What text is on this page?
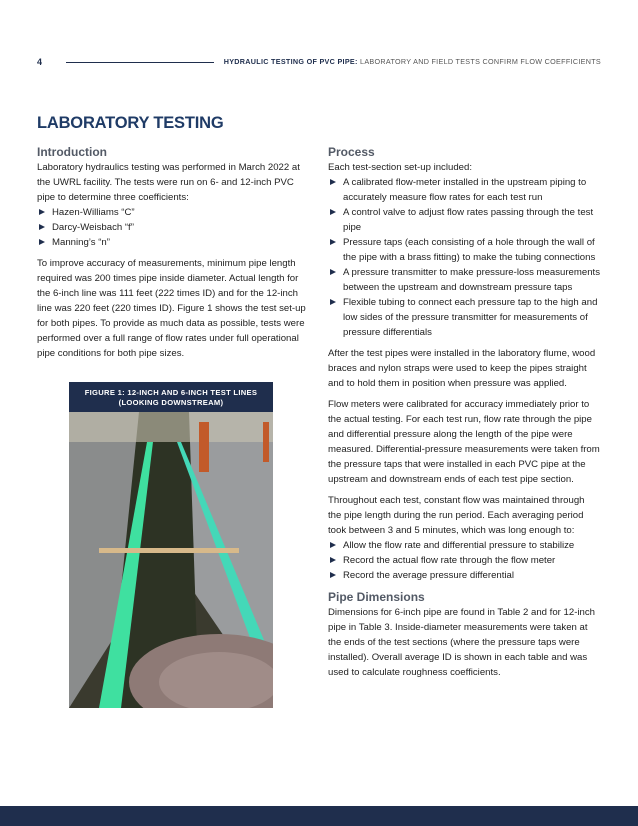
4	HYDRAULIC TESTING OF PVC PIPE: LABORATORY AND FIELD TESTS CONFIRM FLOW COEFFICIENTS
LABORATORY TESTING
Introduction

Laboratory hydraulics testing was performed in March 2022 at the UWRL facility. The tests were run on 6- and 12-inch PVC pipe to determine three coefficients:

Hazen-Williams “C”
Darcy-Weisbach “f”
Manning’s “n”

To improve accuracy of measurements, minimum pipe length required was 200 times pipe inside diameter. Actual length for the 6-inch line was 111 feet (222 times ID) and for the 12-inch line was 220 feet (220 times ID). Figure 1 shows the test set-up for both pipes. To provide as much data as possible, tests were performed over a full range of flow rates under full operational pipe conditions for both pipe sizes.

FIGURE 1: 12-INCH AND 6-INCH TEST LINES
(LOOKING DOWNSTREAM)
Process

Each test-section set-up included:

A calibrated flow-meter installed in the upstream piping to accurately measure flow rates for each test run
A control valve to adjust flow rates passing through the test pipe
Pressure taps (each consisting of a hole through the wall of the pipe with a brass fitting) to make the tubing connections
A pressure transmitter to make pressure-loss measurements between the upstream and downstream pressure taps
Flexible tubing to connect each pressure tap to the high and low sides of the pressure transmitter for measurements of pressure differentials

After the test pipes were installed in the laboratory flume, wood braces and nylon straps were used to keep the pipes straight and to hold them in position when pressure was applied.

Flow meters were calibrated for accuracy immediately prior to the actual testing. For each test run, flow rate through the pipe and differential pressure along the length of the pipe were measured. Differential-pressure measurements were taken from the pressure taps that were installed in each PVC pipe at the upstream and downstream ends of each test pipe section.

Throughout each test, constant flow was maintained through the pipe length during the run period. Each averaging period took between 3 and 5 minutes, which was long enough to:

Allow the flow rate and differential pressure to stabilize
Record the actual flow rate through the flow meter
Record the average pressure differential
Pipe Dimensions

Dimensions for 6-inch pipe are found in Table 2 and for 12-inch pipe in Table 3. Inside-diameter measurements were taken at the ends of the test sections (where the pressure taps were installed). Overall average ID is shown in each table and was used to calculate roughness coefficients.
